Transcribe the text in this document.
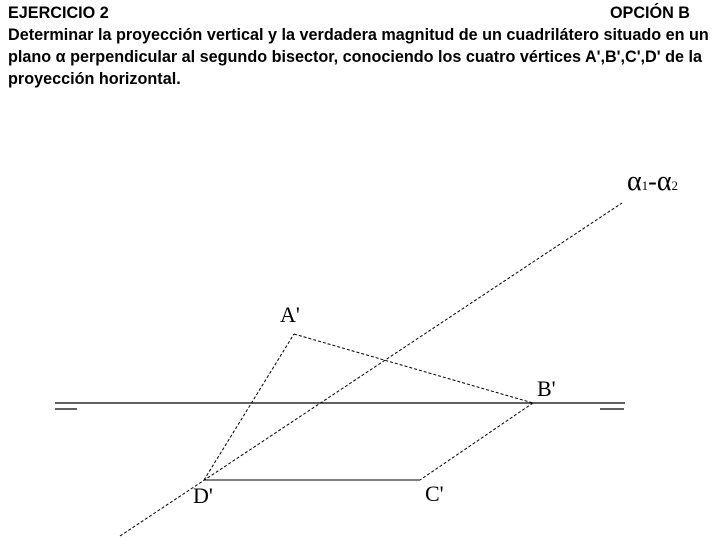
EJERCICIO 2	OPCIÓN B

Determinar la proyección vertical y la verdadera magnitud de un cuadrilátero situado en un plano α perpendicular al segundo bisector, conociendo los cuatro vértices A',B',C',D' de la proyección horizontal.

A'
B'
C'
D'
α1-α2
